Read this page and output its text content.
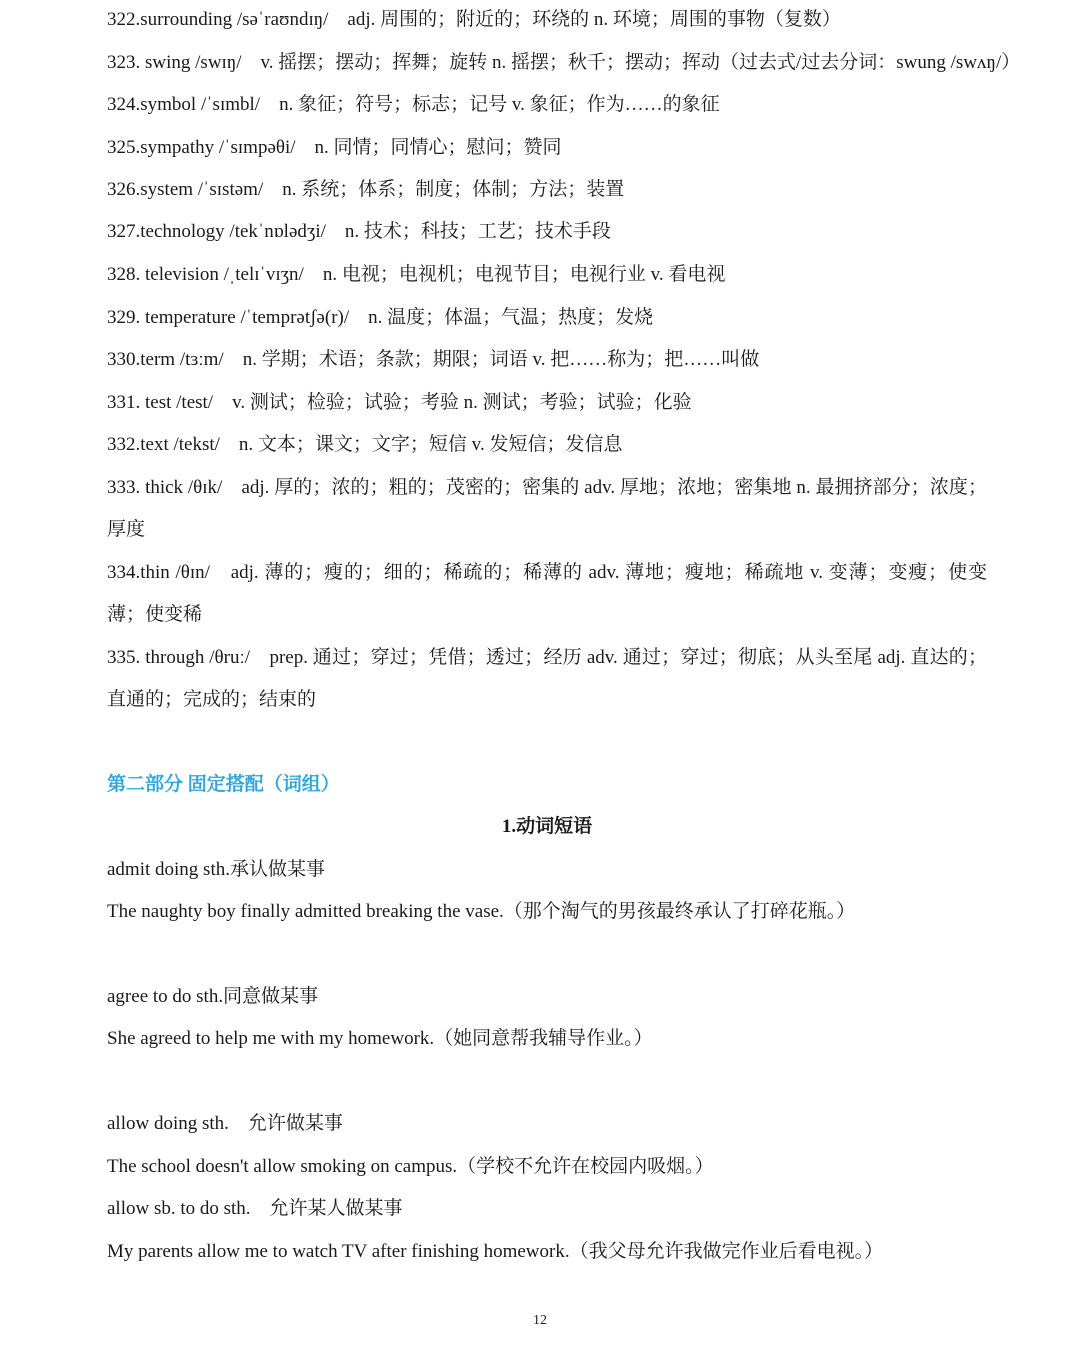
322.surrounding /səˈraʊndɪŋ/　adj. 周围的；附近的；环绕的 n. 环境；周围的事物（复数）
323. swing /swɪŋ/　v. 摇摆；摆动；挥舞；旋转 n. 摇摆；秋千；摆动；挥动（过去式/过去分词：swung /swʌŋ/）
324.symbol /ˈsɪmbl/　n. 象征；符号；标志；记号 v. 象征；作为……的象征
325.sympathy /ˈsɪmpəθi/　n. 同情；同情心；慰问；赞同
326.system /ˈsɪstəm/　n. 系统；体系；制度；体制；方法；装置
327.technology /tekˈnɒlədʒi/　n. 技术；科技；工艺；技术手段
328. television /ˌtelɪˈvɪʒn/　n. 电视；电视机；电视节目；电视行业 v. 看电视
329. temperature /ˈtemprətʃə(r)/　n. 温度；体温；气温；热度；发烧
330.term /tɜːm/　n. 学期；术语；条款；期限；词语 v. 把……称为；把……叫做
331. test /test/　v. 测试；检验；试验；考验 n. 测试；考验；试验；化验
332.text /tekst/　n. 文本；课文；文字；短信 v. 发短信；发信息
333. thick /θɪk/　adj. 厚的；浓的；粗的；茂密的；密集的 adv. 厚地；浓地；密集地 n. 最拥挤部分；浓度；
厚度
334.thin /θɪn/　adj. 薄的；瘦的；细的；稀疏的；稀薄的 adv. 薄地；瘦地；稀疏地 v. 变薄；变瘦；使变
薄；使变稀
335. through /θruː/　prep. 通过；穿过；凭借；透过；经历 adv. 通过；穿过；彻底；从头至尾 adj. 直达的；
直通的；完成的；结束的
第二部分 固定搭配（词组）
1.动词短语
admit doing sth.承认做某事
The naughty boy finally admitted breaking the vase.（那个淘气的男孩最终承认了打碎花瓶。）
agree to do sth.同意做某事
She agreed to help me with my homework.（她同意帮我辅导作业。）
allow doing sth.　允许做某事
The school doesn't allow smoking on campus.（学校不允许在校园内吸烟。）
allow sb. to do sth.　允许某人做某事
My parents allow me to watch TV after finishing homework.（我父母允许我做完作业后看电视。）
12
